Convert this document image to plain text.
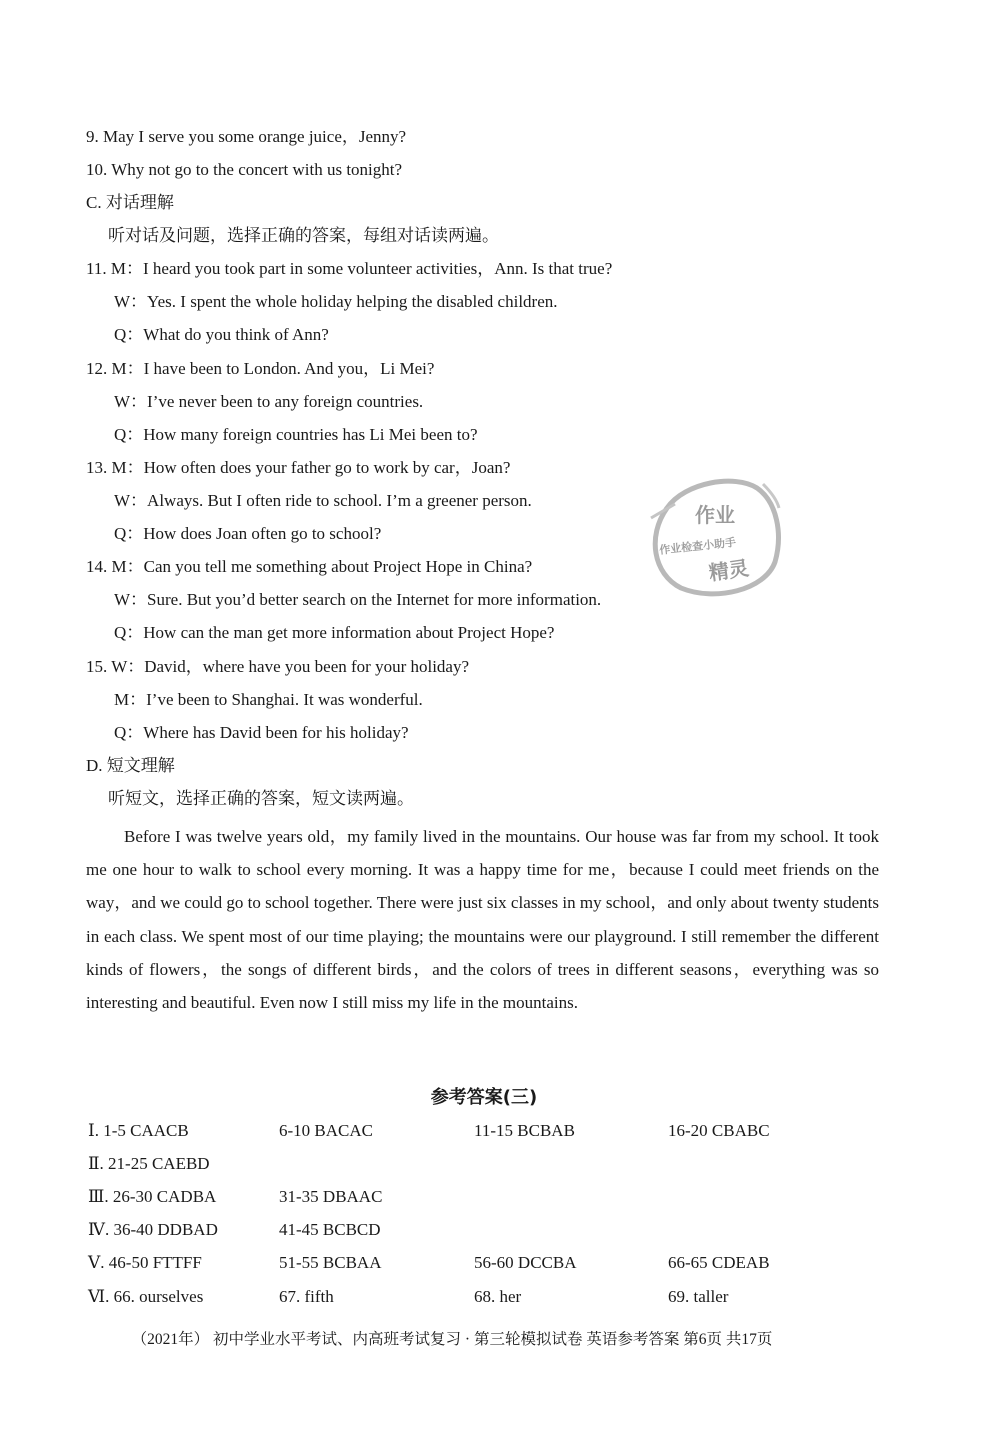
9. May I serve you some orange juice，Jenny?
10. Why not go to the concert with us tonight?
C. 对话理解
听对话及问题，选择正确的答案，每组对话读两遍。
11. M：I heard you took part in some volunteer activities，Ann. Is that true?
W：Yes. I spent the whole holiday helping the disabled children.
Q：What do you think of Ann?
12. M：I have been to London. And you，Li Mei?
W：I’ve never been to any foreign countries.
Q：How many foreign countries has Li Mei been to?
13. M：How often does your father go to work by car，Joan?
W：Always. But I often ride to school. I’m a greener person.
Q：How does Joan often go to school?
14. M：Can you tell me something about Project Hope in China?
W：Sure. But you’d better search on the Internet for more information.
Q：How can the man get more information about Project Hope?
15. W：David，where have you been for your holiday?
M：I’ve been to Shanghai. It was wonderful.
Q：Where has David been for his holiday?
D. 短文理解
听短文，选择正确的答案，短文读两遍。
Before I was twelve years old，my family lived in the mountains. Our house was far from my school. It took me one hour to walk to school every morning. It was a happy time for me，because I could meet friends on the way，and we could go to school together. There were just six classes in my school，and only about twenty students in each class. We spent most of our time playing; the mountains were our playground. I still remember the different kinds of flowers，the songs of different birds，and the colors of trees in different seasons，everything was so interesting and beautiful. Even now I still miss my life in the mountains.
参考答案(三)
Ⅰ. 1-5 CAACB	6-10 BACAC	11-15 BCBAB	16-20 CBABC
Ⅱ. 21-25 CAEBD
Ⅲ. 26-30 CADBA	31-35 DBAAC
Ⅳ. 36-40 DDBAD	41-45 BCBCD
Ⅴ. 46-50 FTTFF	51-55 BCBAA	56-60 DCCBA	66-65 CDEAB
Ⅵ. 66. ourselves	67. fifth	68. her	69. taller
（2021年） 初中学业水平考试、内高班考试复习 · 第三轮模拟试卷 英语参考答案 第6页 共17页
作业
作业检查小助手
精灵
